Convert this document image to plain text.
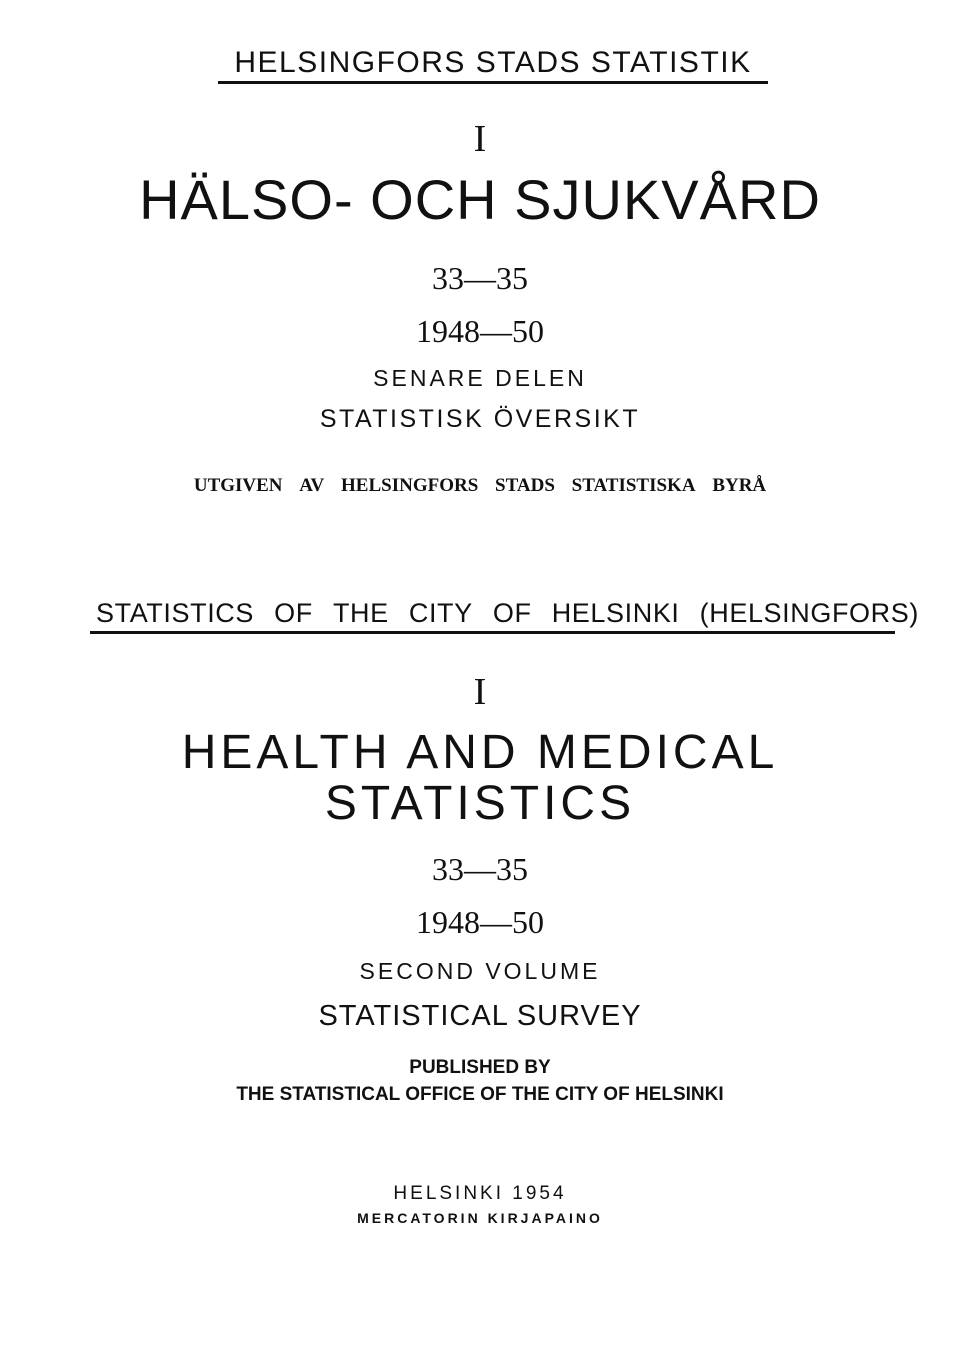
HELSINGFORS STADS STATISTIK
I
HÄLSO- OCH SJUKVÅRD
33—35
1948—50
SENARE DELEN
STATISTISK ÖVERSIKT
UTGIVEN AV HELSINGFORS STADS STATISTISKA BYRÅ
STATISTICS OF THE CITY OF HELSINKI (HELSINGFORS)
I
HEALTH AND MEDICAL
STATISTICS
33—35
1948—50
SECOND VOLUME
STATISTICAL SURVEY
PUBLISHED BY
THE STATISTICAL OFFICE OF THE CITY OF HELSINKI
HELSINKI 1954
MERCATORIN KIRJAPAINO
